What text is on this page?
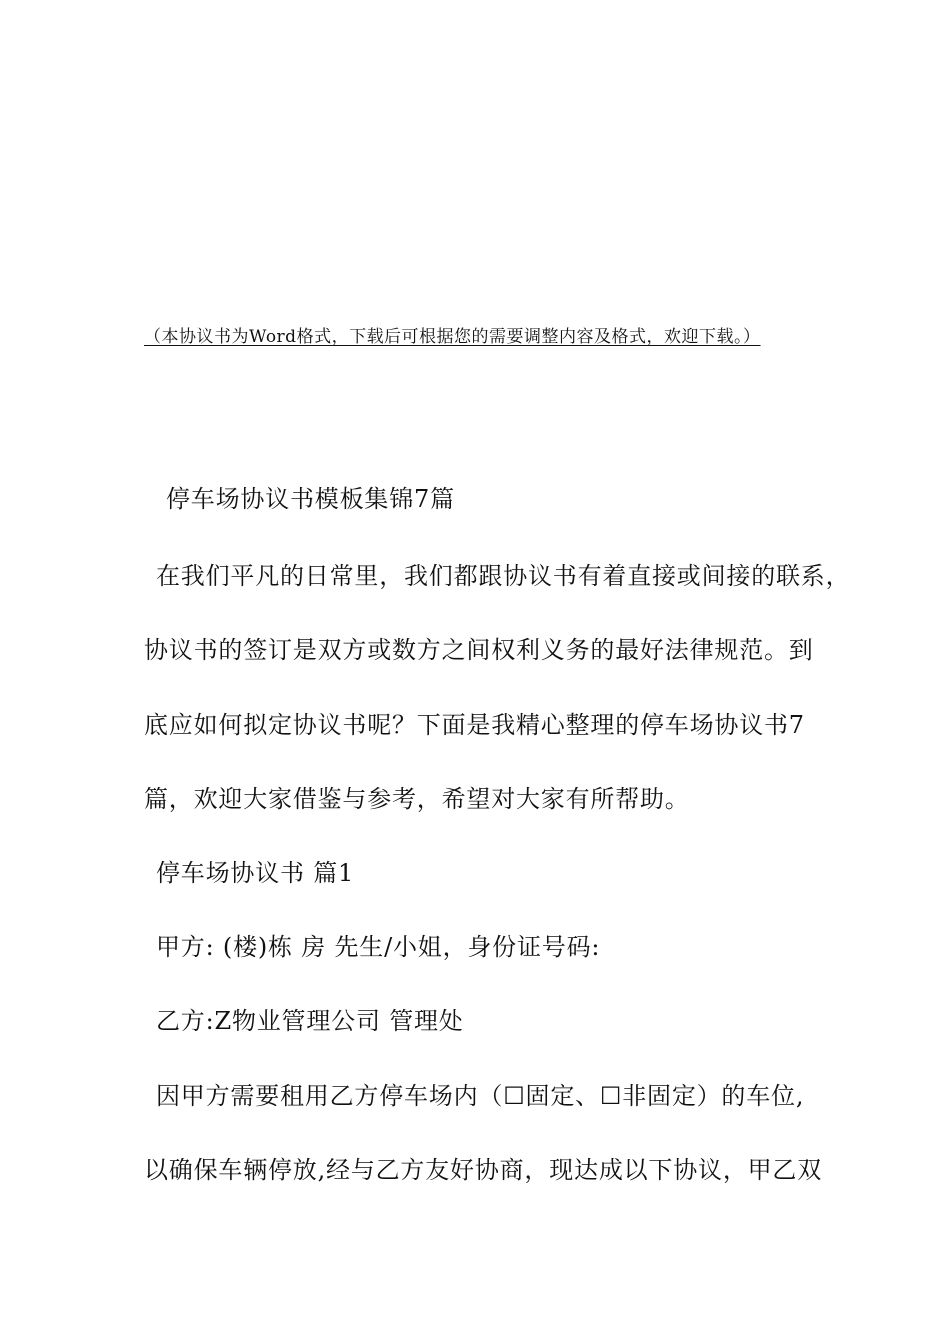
（本协议书为Word格式，下载后可根据您的需要调整内容及格式，欢迎下载。）
停车场协议书模板集锦7篇
在我们平凡的日常里，我们都跟协议书有着直接或间接的联系，
协议书的签订是双方或数方之间权利义务的最好法律规范。到
底应如何拟定协议书呢？下面是我精心整理的停车场协议书7
篇，欢迎大家借鉴与参考，希望对大家有所帮助。
停车场协议书 篇1
甲方: (楼)栋 房 先生/小姐，身份证号码:
乙方:Z物业管理公司 管理处
因甲方需要租用乙方停车场内（☐固定、☐非固定）的车位,
以确保车辆停放,经与乙方友好协商，现达成以下协议，甲乙双
